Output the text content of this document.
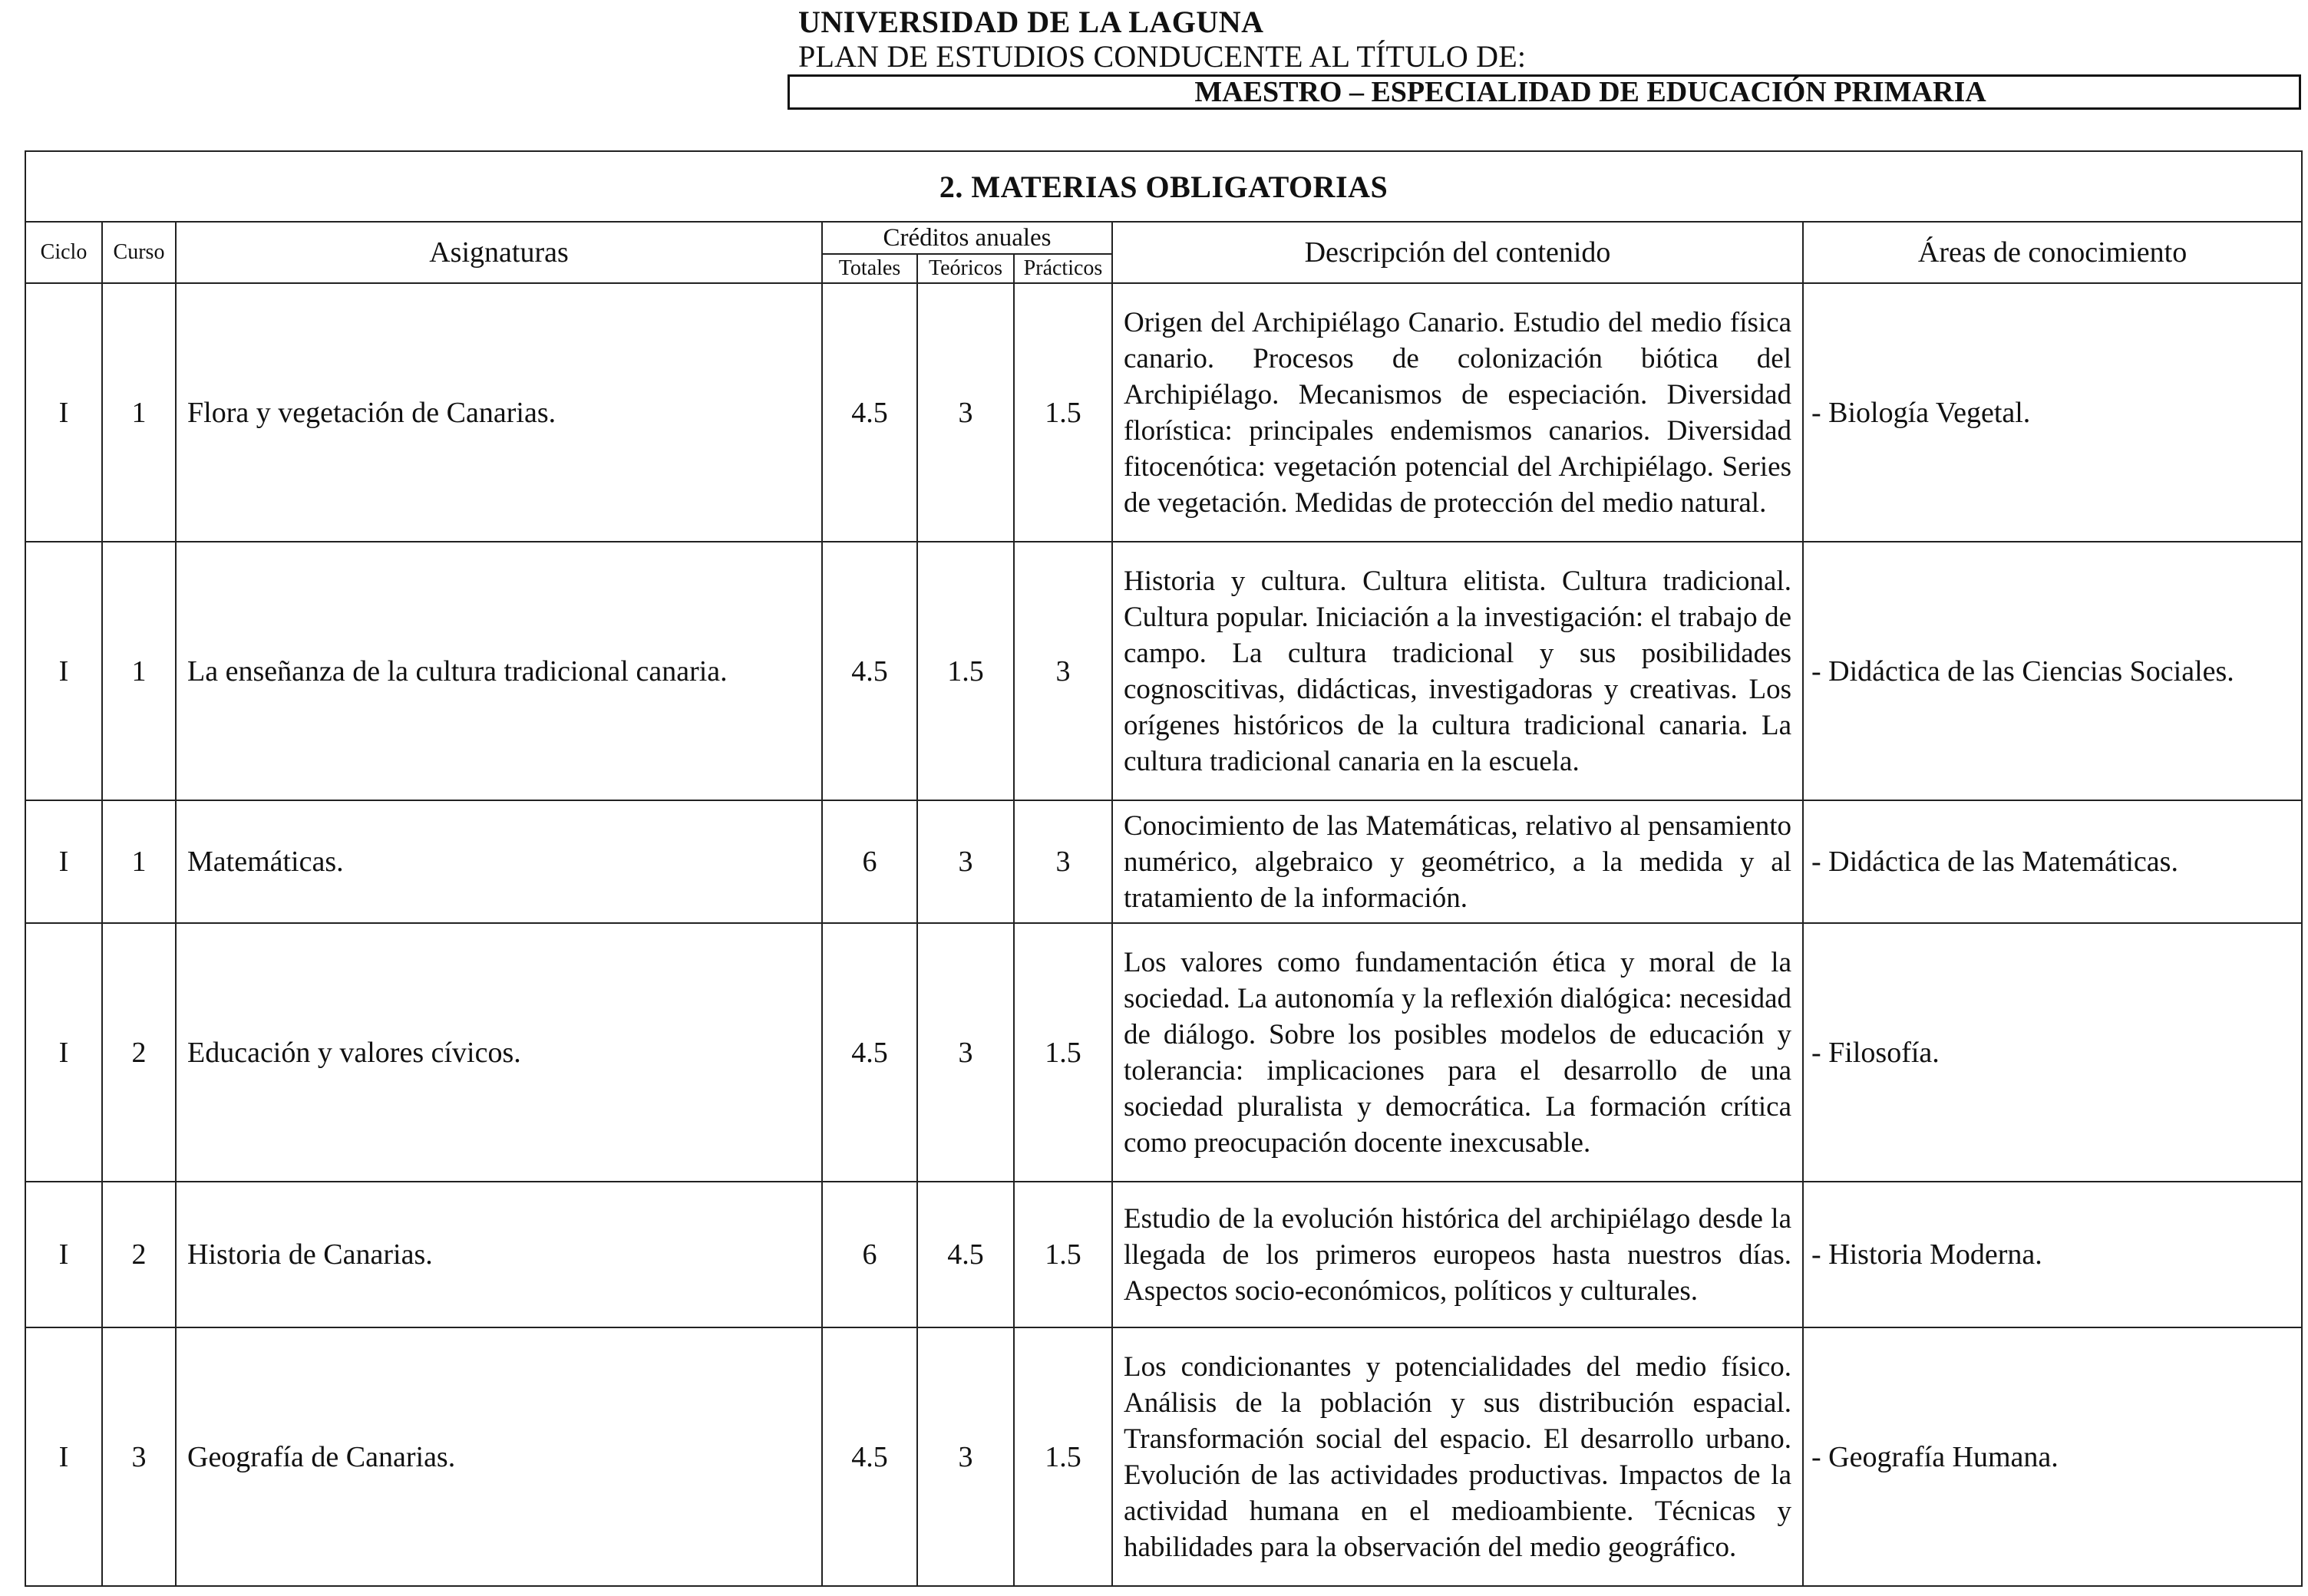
UNIVERSIDAD DE LA LAGUNA
PLAN DE ESTUDIOS CONDUCENTE AL TÍTULO DE:
MAESTRO – ESPECIALIDAD DE EDUCACIÓN PRIMARIA
2. MATERIAS OBLIGATORIAS							
Ciclo	Curso	Asignaturas	Créditos anuales			Descripción del contenido	Áreas de conocimiento
			Totales	Teóricos	Prácticos		
I	1	Flora y vegetación de Canarias.	4.5	3	1.5	Origen del Archipiélago Canario. Estudio del medio física canario. Procesos de colonización biótica del Archipiélago. Mecanismos de especiación. Diversidad florística: principales endemismos canarios. Diversidad fitocenótica: vegetación potencial del Archipiélago. Series de vegetación. Medidas de protección del medio natural.	- Biología Vegetal.
I	1	La enseñanza de la cultura tradicional canaria.	4.5	1.5	3	Historia y cultura. Cultura elitista. Cultura tradicional. Cultura popular. Iniciación a la investigación: el trabajo de campo. La cultura tradicional y sus posibilidades cognoscitivas, didácticas, investigadoras y creativas. Los orígenes históricos de la cultura tradicional canaria. La cultura tradicional canaria en la escuela.	- Didáctica de las Ciencias Sociales.
I	1	Matemáticas.	6	3	3	Conocimiento de las Matemáticas, relativo al pensamiento numérico, algebraico y geométrico, a la medida y al tratamiento de la información.	- Didáctica de las Matemáticas.
I	2	Educación y valores cívicos.	4.5	3	1.5	Los valores como fundamentación ética y moral de la sociedad. La autonomía y la reflexión dialógica: necesidad de diálogo. Sobre los posibles modelos de educación y tolerancia: implicaciones para el desarrollo de una sociedad pluralista y democrática. La formación crítica como preocupación docente inexcusable.	- Filosofía.
I	2	Historia de Canarias.	6	4.5	1.5	Estudio de la evolución histórica del archipiélago desde la llegada de los primeros europeos hasta nuestros días. Aspectos socio-económicos, políticos y culturales.	- Historia Moderna.
I	3	Geografía de Canarias.	4.5	3	1.5	Los condicionantes y potencialidades del medio físico. Análisis de la población y sus distribución espacial. Transformación social del espacio. El desarrollo urbano. Evolución de las actividades productivas. Impactos de la actividad humana en el medioambiente. Técnicas y habilidades para la observación del medio geográfico.	- Geografía Humana.
